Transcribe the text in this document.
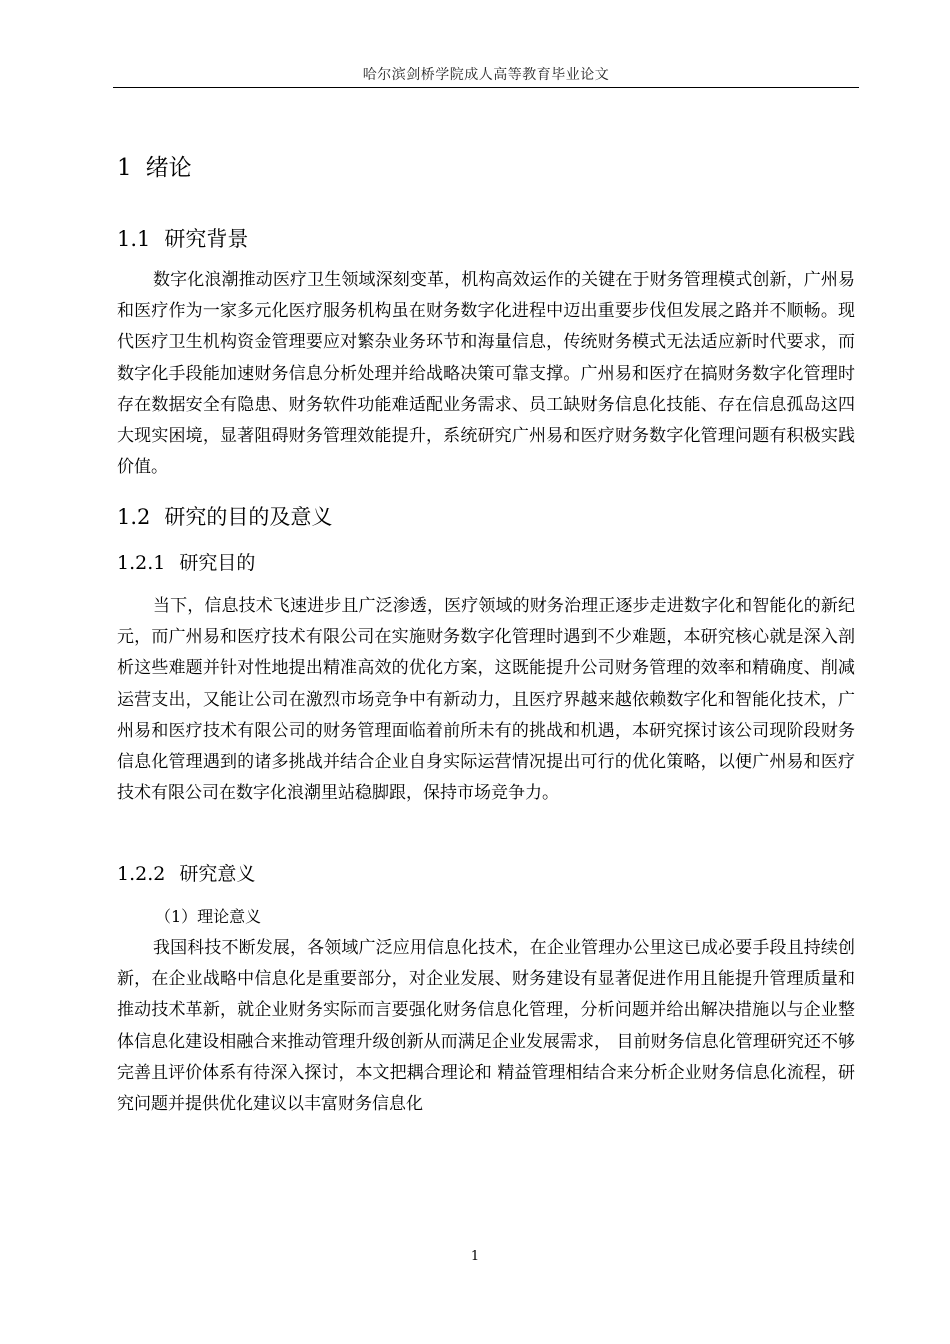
哈尔滨剑桥学院成人高等教育毕业论文
1 绪论
1.1 研究背景

数字化浪潮推动医疗卫生领域深刻变革，机构高效运作的关键在于财务管理模式创新，广州易和医疗作为一家多元化医疗服务机构虽在财务数字化进程中迈出重要步伐但发展之路并不顺畅。现代医疗卫生机构资金管理要应对繁杂业务环节和海量信息，传统财务模式无法适应新时代要求，而数字化手段能加速财务信息分析处理并给战略决策可靠支撑。广州易和医疗在搞财务数字化管理时存在数据安全有隐患、财务软件功能难适配业务需求、员工缺财务信息化技能、存在信息孤岛这四大现实困境，显著阻碍财务管理效能提升，系统研究广州易和医疗财务数字化管理问题有积极实践价值。

1.2 研究的目的及意义
1.2.1 研究目的

当下，信息技术飞速进步且广泛渗透，医疗领域的财务治理正逐步走进数字化和智能化的新纪元，而广州易和医疗技术有限公司在实施财务数字化管理时遇到不少难题，本研究核心就是深入剖析这些难题并针对性地提出精准高效的优化方案，这既能提升公司财务管理的效率和精确度、削减运营支出，又能让公司在激烈市场竞争中有新动力，且医疗界越来越依赖数字化和智能化技术，广州易和医疗技术有限公司的财务管理面临着前所未有的挑战和机遇，本研究探讨该公司现阶段财务信息化管理遇到的诸多挑战并结合企业自身实际运营情况提出可行的优化策略，以便广州易和医疗技术有限公司在数字化浪潮里站稳脚跟，保持市场竞争力。

1.2.2 研究意义
（1）理论意义

我国科技不断发展，各领域广泛应用信息化技术，在企业管理办公里这已成必要手段且持续创新，在企业战略中信息化是重要部分，对企业发展、财务建设有显著促进作用且能提升管理质量和推动技术革新，就企业财务实际而言要强化财务信息化管理，分析问题并给出解决措施以与企业整体信息化建设相融合来推动管理升级创新从而满足企业发展需求， 目前财务信息化管理研究还不够完善且评价体系有待深入探讨，本文把耦合理论和 精益管理相结合来分析企业财务信息化流程，研究问题并提供优化建议以丰富财务信息化

1
